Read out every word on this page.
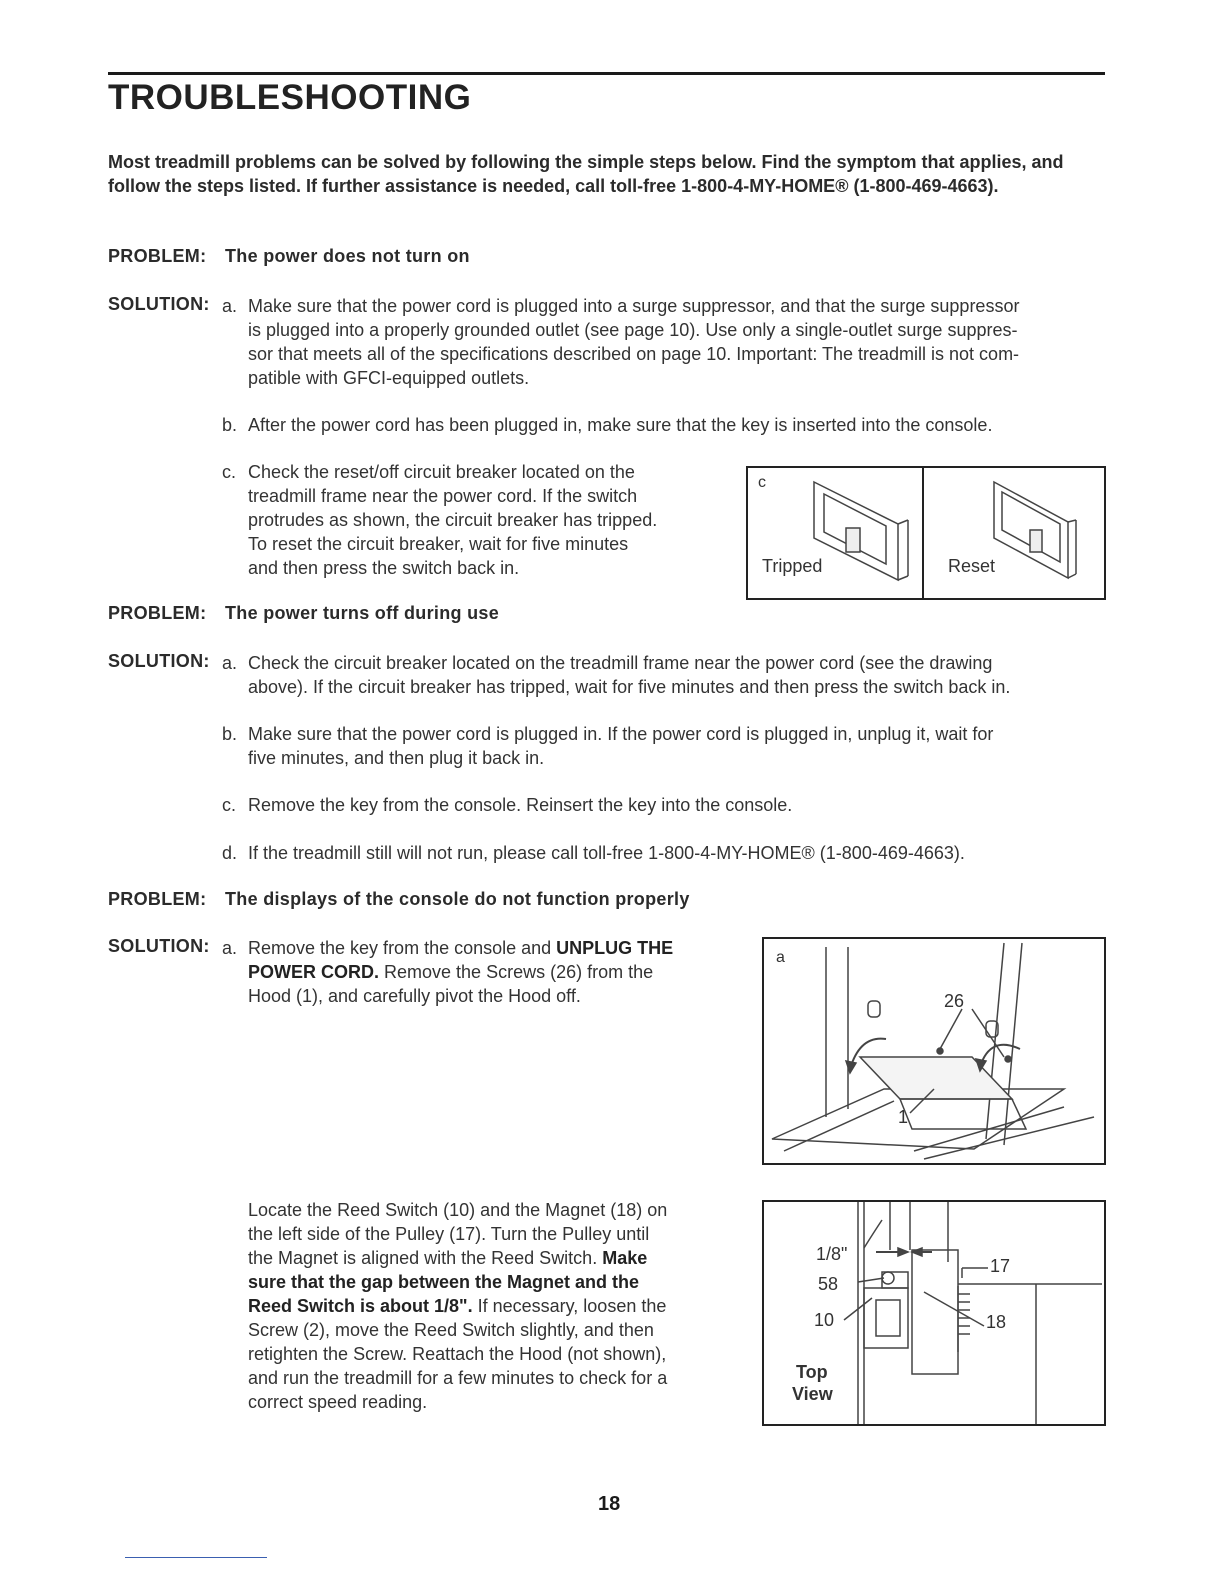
TROUBLESHOOTING
Most treadmill problems can be solved by following the simple steps below. Find the symptom that applies, and follow the steps listed. If further assistance is needed, call toll-free 1-800-4-MY-HOME® (1-800-469-4663).
PROBLEM: The power does not turn on
SOLUTION: a. Make sure that the power cord is plugged into a surge suppressor, and that the surge suppressor
is plugged into a properly grounded outlet (see page 10). Use only a single-outlet surge suppres-
sor that meets all of the specifications described on page 10. Important: The treadmill is not com-
patible with GFCI-equipped outlets.
b. After the power cord has been plugged in, make sure that the key is inserted into the console.
c. Check the reset/off circuit breaker located on the
treadmill frame near the power cord. If the switch
protrudes as shown, the circuit breaker has tripped.
To reset the circuit breaker, wait for five minutes
and then press the switch back in.
c
Tripped	Reset
PROBLEM: The power turns off during use
SOLUTION: a. Check the circuit breaker located on the treadmill frame near the power cord (see the drawing
above). If the circuit breaker has tripped, wait for five minutes and then press the switch back in.
b. Make sure that the power cord is plugged in. If the power cord is plugged in, unplug it, wait for
five minutes, and then plug it back in.
c. Remove the key from the console. Reinsert the key into the console.
d. If the treadmill still will not run, please call toll-free 1-800-4-MY-HOME® (1-800-469-4663).
PROBLEM: The displays of the console do not function properly
SOLUTION: a. Remove the key from the console and UNPLUG THE
POWER CORD. Remove the Screws (26) from the
Hood (1), and carefully pivot the Hood off.
a
26
1
Locate the Reed Switch (10) and the Magnet (18) on
the left side of the Pulley (17). Turn the Pulley until
the Magnet is aligned with the Reed Switch. Make
sure that the gap between the Magnet and the
Reed Switch is about 1/8". If necessary, loosen the
Screw (2), move the Reed Switch slightly, and then
retighten the Screw. Reattach the Hood (not shown),
and run the treadmill for a few minutes to check for a
correct speed reading.
1/8"
58
10
17
18
Top
View
18
